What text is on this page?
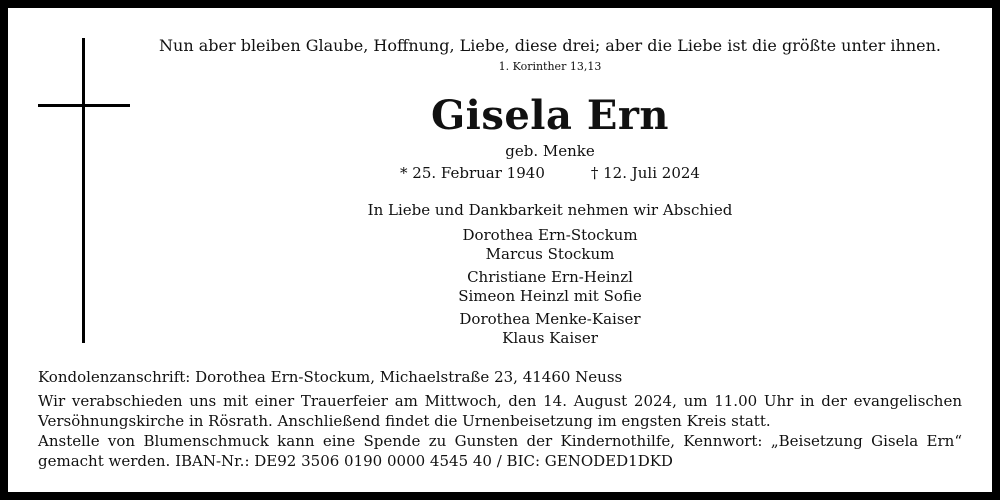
Nun aber bleiben Glaube, Hoffnung, Liebe, diese drei; aber die Liebe ist die größte unter ihnen.
1. Korinther 13,13
Gisela Ern
geb. Menke
* 25. Februar 1940	† 12. Juli 2024
In Liebe und Dankbarkeit nehmen wir Abschied
Dorothea Ern-Stockum
Marcus Stockum
Christiane Ern-Heinzl
Simeon Heinzl mit Sofie
Dorothea Menke-Kaiser
Klaus Kaiser
Kondolenzanschrift: Dorothea Ern-Stockum, Michaelstraße 23, 41460 Neuss
Wir verabschieden uns mit einer Trauerfeier am Mittwoch, den 14. August 2024, um 11.00 Uhr in der evangelischen
Versöhnungskirche in Rösrath. Anschließend findet die Urnenbeisetzung im engsten Kreis statt.
Anstelle von Blumenschmuck kann eine Spende zu Gunsten der Kindernothilfe, Kennwort: „Beisetzung Gisela Ern“
gemacht werden. IBAN-Nr.: DE92 3506 0190 0000 4545 40 / BIC: GENODED1DKD
